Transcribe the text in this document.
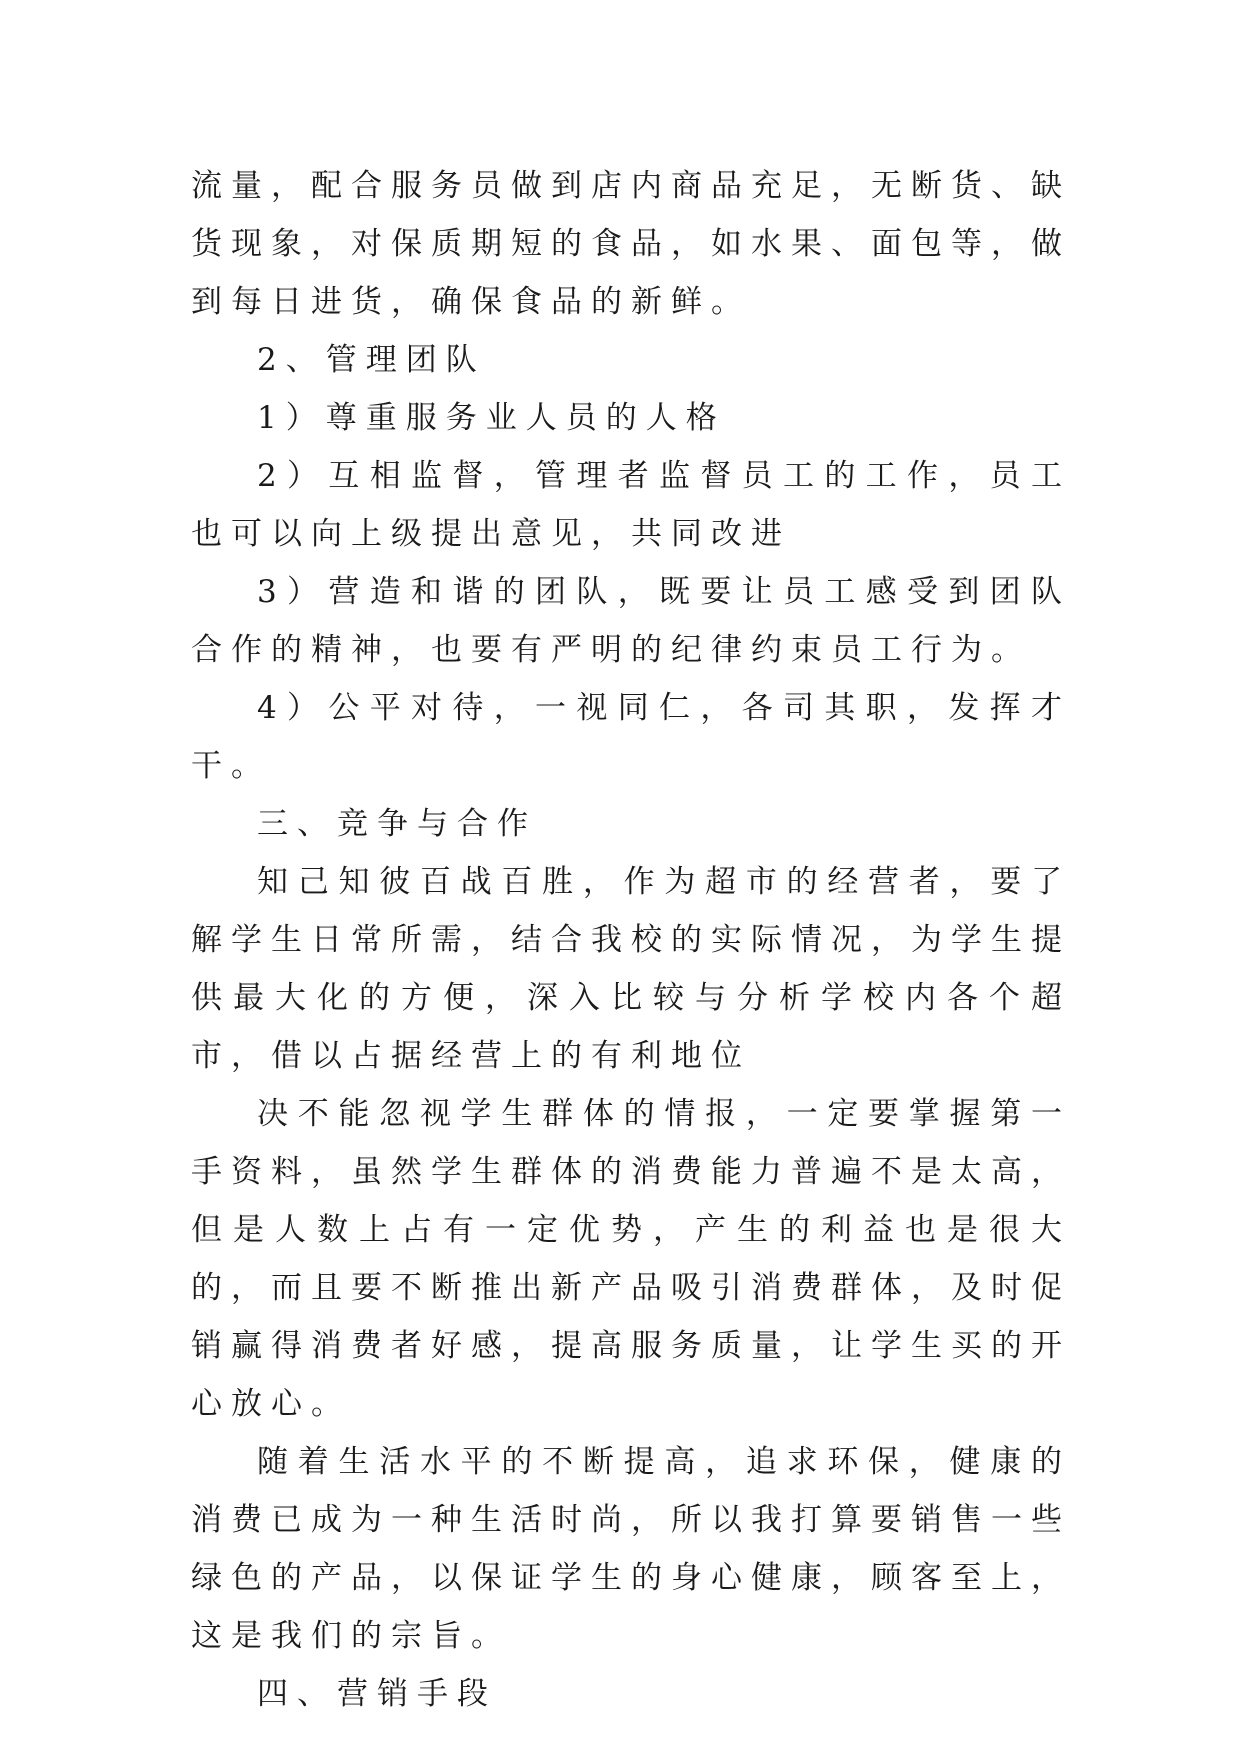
流量，配合服务员做到店内商品充足，无断货、缺货现象，对保质期短的食品，如水果、面包等，做到每日进货，确保食品的新鲜。

2、管理团队

1）尊重服务业人员的人格

2）互相监督，管理者监督员工的工作，员工也可以向上级提出意见，共同改进

3）营造和谐的团队，既要让员工感受到团队合作的精神，也要有严明的纪律约束员工行为。

4）公平对待，一视同仁，各司其职，发挥才干。

三、竞争与合作

知己知彼百战百胜，作为超市的经营者，要了解学生日常所需，结合我校的实际情况，为学生提供最大化的方便，深入比较与分析学校内各个超市，借以占据经营上的有利地位

决不能忽视学生群体的情报，一定要掌握第一手资料，虽然学生群体的消费能力普遍不是太高，但是人数上占有一定优势，产生的利益也是很大的，而且要不断推出新产品吸引消费群体，及时促销赢得消费者好感，提高服务质量，让学生买的开心放心。

随着生活水平的不断提高，追求环保，健康的消费已成为一种生活时尚，所以我打算要销售一些绿色的产品，以保证学生的身心健康，顾客至上，这是我们的宗旨。

四、营销手段
